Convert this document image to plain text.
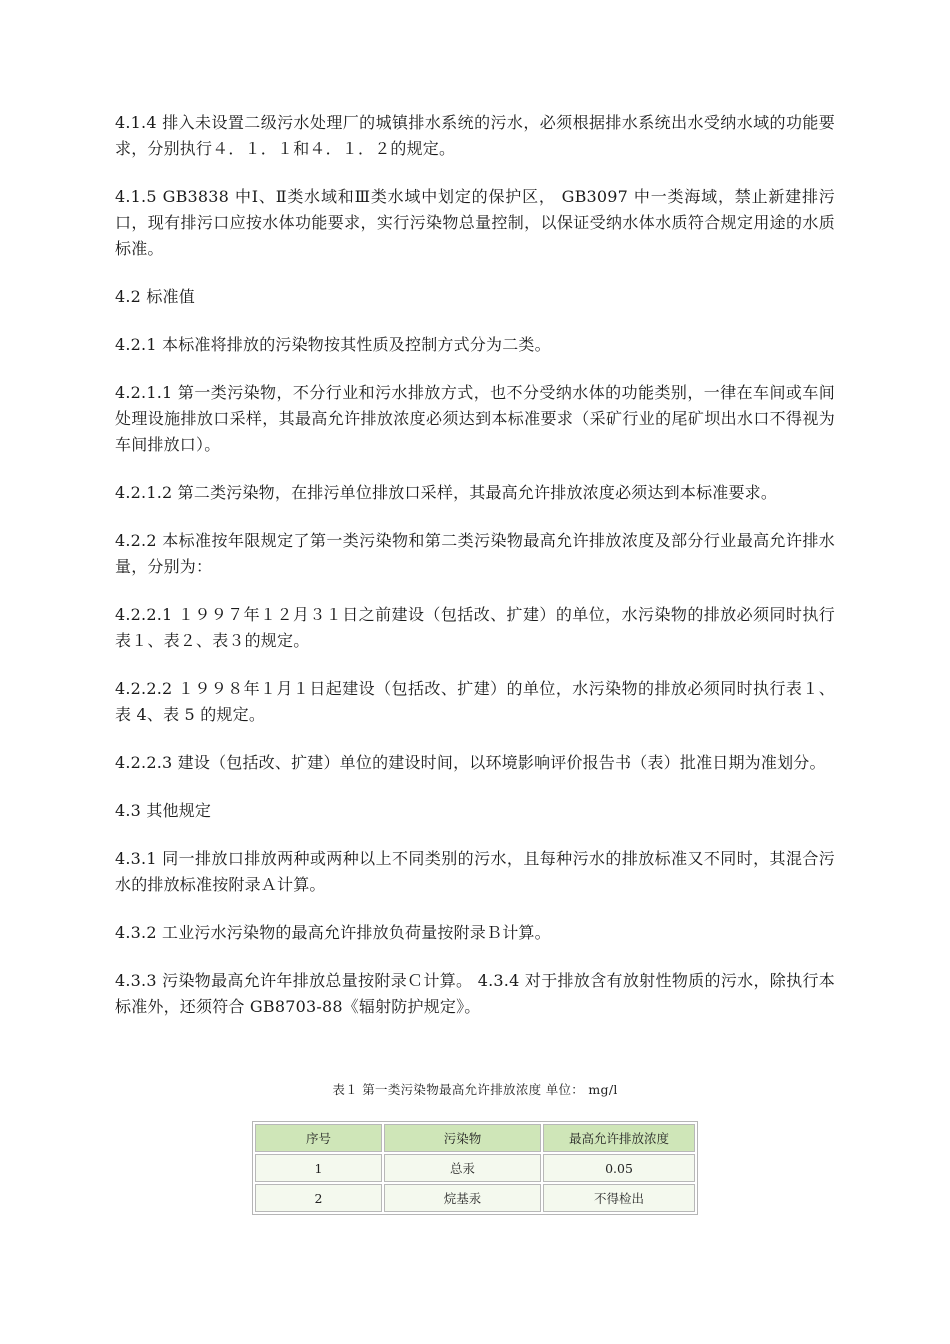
4.1.4 排入未设置二级污水处理厂的城镇排水系统的污水，必须根据排水系统出水受纳水域的功能要求，分别执行４．１．１和４．１．２的规定。

4.1.5 GB3838 中Ⅰ、Ⅱ类水域和Ⅲ类水域中划定的保护区， GB3097 中一类海域，禁止新建排污口，现有排污口应按水体功能要求，实行污染物总量控制，以保证受纳水体水质符合规定用途的水质标准。

4.2 标准值

4.2.1 本标准将排放的污染物按其性质及控制方式分为二类。

4.2.1.1 第一类污染物，不分行业和污水排放方式，也不分受纳水体的功能类别，一律在车间或车间处理设施排放口采样，其最高允许排放浓度必须达到本标准要求（采矿行业的尾矿坝出水口不得视为车间排放口）。

4.2.1.2 第二类污染物，在排污单位排放口采样，其最高允许排放浓度必须达到本标准要求。

4.2.2 本标准按年限规定了第一类污染物和第二类污染物最高允许排放浓度及部分行业最高允许排水量，分别为：

4.2.2.1 １９９７年１２月３１日之前建设（包括改、扩建）的单位，水污染物的排放必须同时执行表１、表２、表３的规定。

4.2.2.2 １９９８年１月１日起建设（包括改、扩建）的单位，水污染物的排放必须同时执行表１、表 4、表 5 的规定。

4.2.2.3 建设（包括改、扩建）单位的建设时间，以环境影响评价报告书（表）批准日期为准划分。

4.3 其他规定

4.3.1 同一排放口排放两种或两种以上不同类别的污水，且每种污水的排放标准又不同时，其混合污水的排放标准按附录Ａ计算。

4.3.2 工业污水污染物的最高允许排放负荷量按附录Ｂ计算。

4.3.3 污染物最高允许年排放总量按附录Ｃ计算。 4.3.4 对于排放含有放射性物质的污水，除执行本标准外，还须符合 GB8703-88《辐射防护规定》。

表１ 第一类污染物最高允许排放浓度 单位： mg/l
序号	污染物	最高允许排放浓度
1	总汞	0.05
2	烷基汞	不得检出
